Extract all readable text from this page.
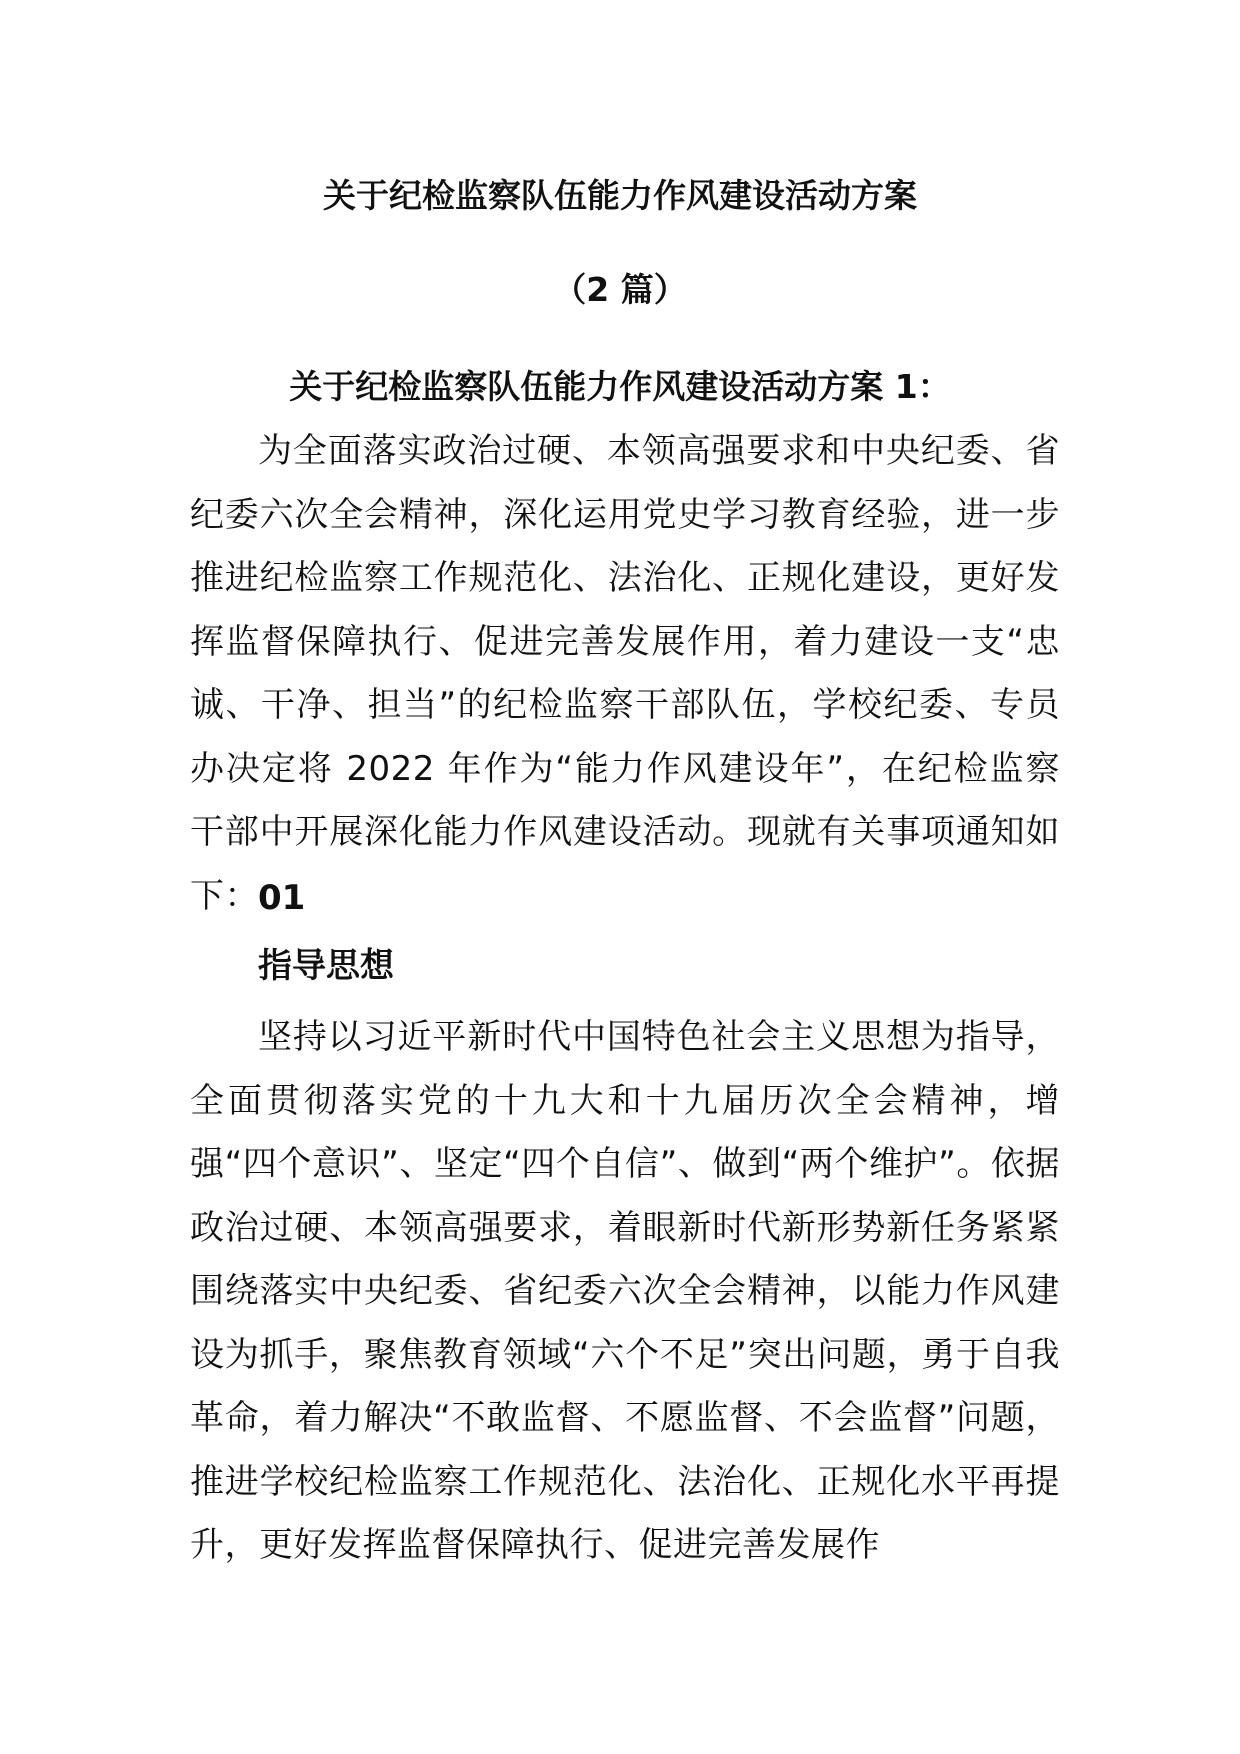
关于纪检监察队伍能力作风建设活动方案
（2 篇）
关于纪检监察队伍能力作风建设活动方案 1：

为全面落实政治过硬、本领高强要求和中央纪委、省纪委六次全会精神，深化运用党史学习教育经验，进一步推进纪检监察工作规范化、法治化、正规化建设，更好发挥监督保障执行、促进完善发展作用，着力建设一支“忠诚、干净、担当”的纪检监察干部队伍，学校纪委、专员办决定将 2022 年作为“能力作风建设年”，在纪检监察干部中开展深化能力作风建设活动。现就有关事项通知如下： 01
指导思想

坚持以习近平新时代中国特色社会主义思想为指导，全面贯彻落实党的十九大和十九届历次全会精神，增强“四个意识”、坚定“四个自信”、做到“两个维护”。依据政治过硬、本领高强要求，着眼新时代新形势新任务紧紧围绕落实中央纪委、省纪委六次全会精神，以能力作风建设为抓手，聚焦教育领域“六个不足”突出问题，勇于自我革命，着力解决“不敢监督、不愿监督、不会监督”问题，推进学校纪检监察工作规范化、法治化、正规化水平再提升，更好发挥监督保障执行、促进完善发展作
